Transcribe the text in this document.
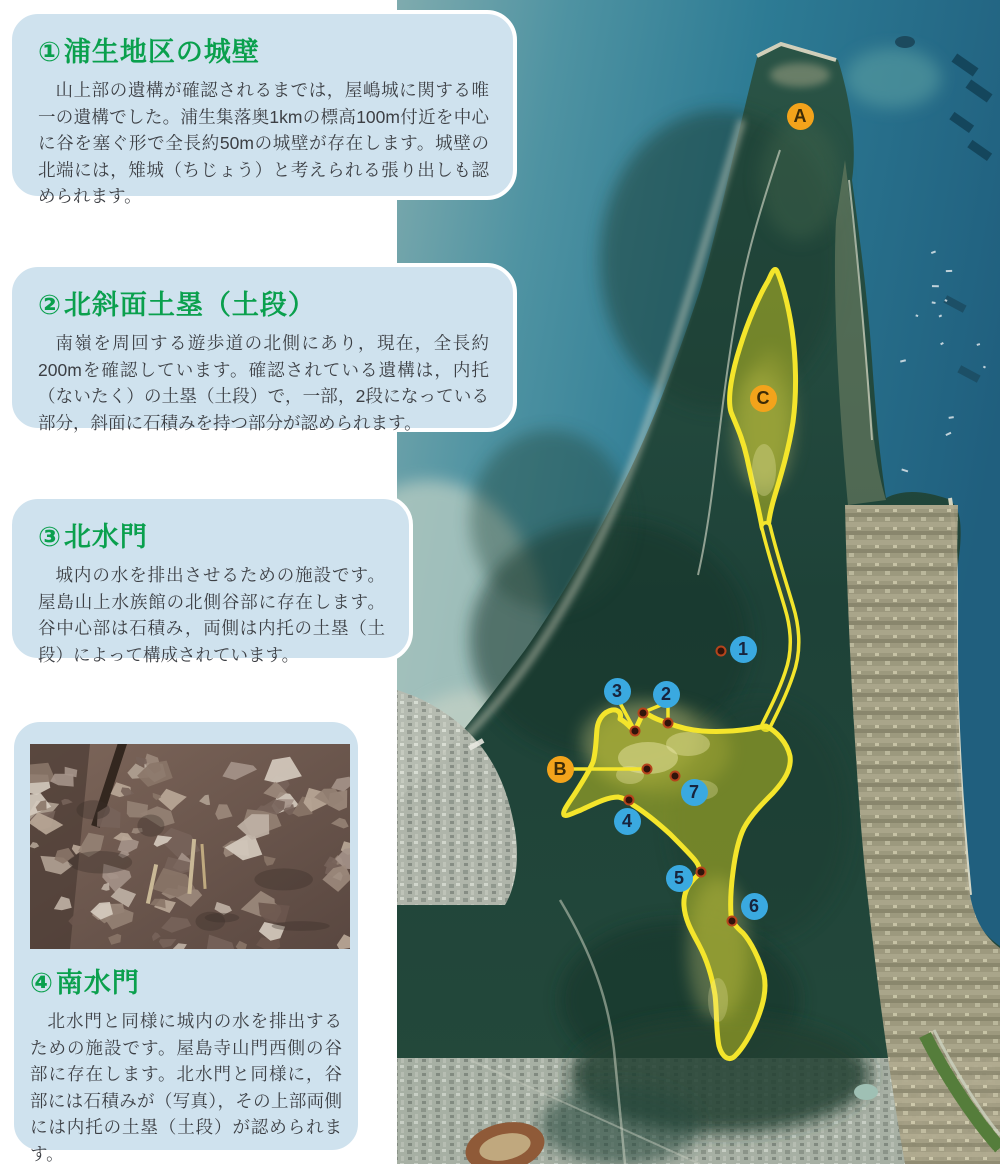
A
C
B
1
2
3
4
5
6
7
①浦生地区の城壁

山上部の遺構が確認されるまでは，屋嶋城に関する唯一の遺構でした。浦生集落奥1kmの標高100m付近を中心に谷を塞ぐ形で全長約50mの城壁が存在します。城壁の北端には，雉城（ちじょう）と考えられる張り出しも認められます。

②北斜面土塁（土段）

南嶺を周回する遊歩道の北側にあり，現在，全長約200mを確認しています。確認されている遺構は，内托（ないたく）の土塁（土段）で，一部，2段になっている部分，斜面に石積みを持つ部分が認められます。

③北水門

城内の水を排出させるための施設です。屋島山上水族館の北側谷部に存在します。谷中心部は石積み，両側は内托の土塁（土段）によって構成されています。

④南水門

北水門と同様に城内の水を排出するための施設です。屋島寺山門西側の谷部に存在します。北水門と同様に，谷部には石積みが（写真），その上部両側には内托の土塁（土段）が認められます。
